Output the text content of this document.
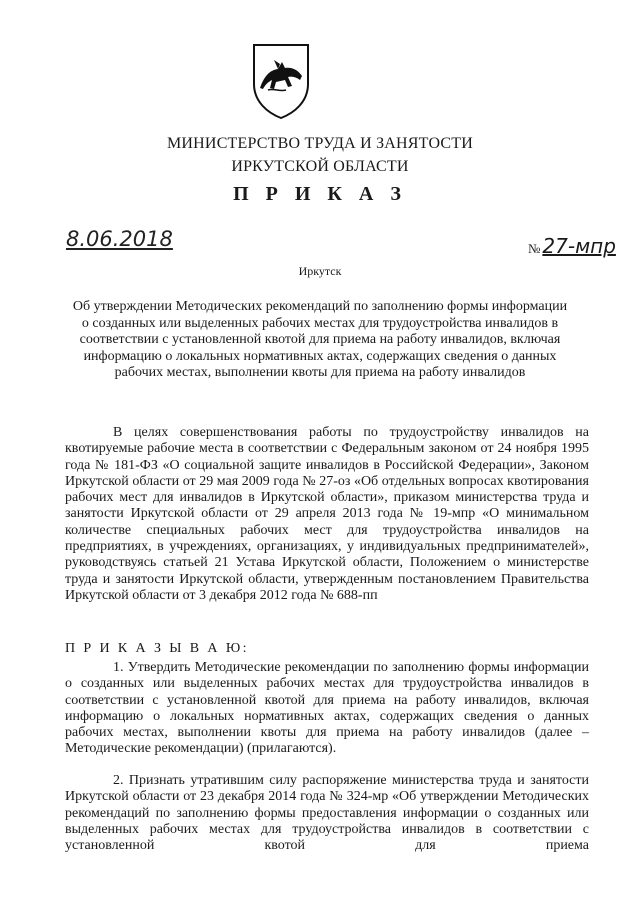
МИНИСТЕРСТВО ТРУДА И ЗАНЯТОСТИ
ИРКУТСКОЙ ОБЛАСТИ
П Р И К А З
8.06.2018	№ 27-мпр
Иркутск
Об утверждении Методических рекомендаций по заполнению формы информации о созданных или выделенных рабочих местах для трудоустройства инвалидов в соответствии с установленной квотой для приема на работу инвалидов, включая информацию о локальных нормативных актах, содержащих сведения о данных рабочих местах, выполнении квоты для приема на работу инвалидов
В целях совершенствования работы по трудоустройству инвалидов на квотируемые рабочие места в соответствии с Федеральным законом от 24 ноября 1995 года № 181-ФЗ «О социальной защите инвалидов в Российской Федерации», Законом Иркутской области от 29 мая 2009 года № 27-оз «Об отдельных вопросах квотирования рабочих мест для инвалидов в Иркутской области», приказом министерства труда и занятости Иркутской области от 29 апреля 2013 года № 19-мпр «О минимальном количестве специальных рабочих мест для трудоустройства инвалидов на предприятиях, в учреждениях, организациях, у индивидуальных предпринимателей», руководствуясь статьей 21 Устава Иркутской области, Положением о министерстве труда и занятости Иркутской области, утвержденным постановлением Правительства Иркутской области от 3 декабря 2012 года № 688-пп
П Р И К А З Ы В А Ю:
1. Утвердить Методические рекомендации по заполнению формы информации о созданных или выделенных рабочих местах для трудоустройства инвалидов в соответствии с установленной квотой для приема на работу инвалидов, включая информацию о локальных нормативных актах, содержащих сведения о данных рабочих местах, выполнении квоты для приема на работу инвалидов (далее – Методические рекомендации) (прилагаются).
2. Признать утратившим силу распоряжение министерства труда и занятости Иркутской области от 23 декабря 2014 года № 324-мр «Об утверждении Методических рекомендаций по заполнению формы предоставления информации о созданных или выделенных рабочих местах для трудоустройства инвалидов в соответствии с установленной квотой для приема
